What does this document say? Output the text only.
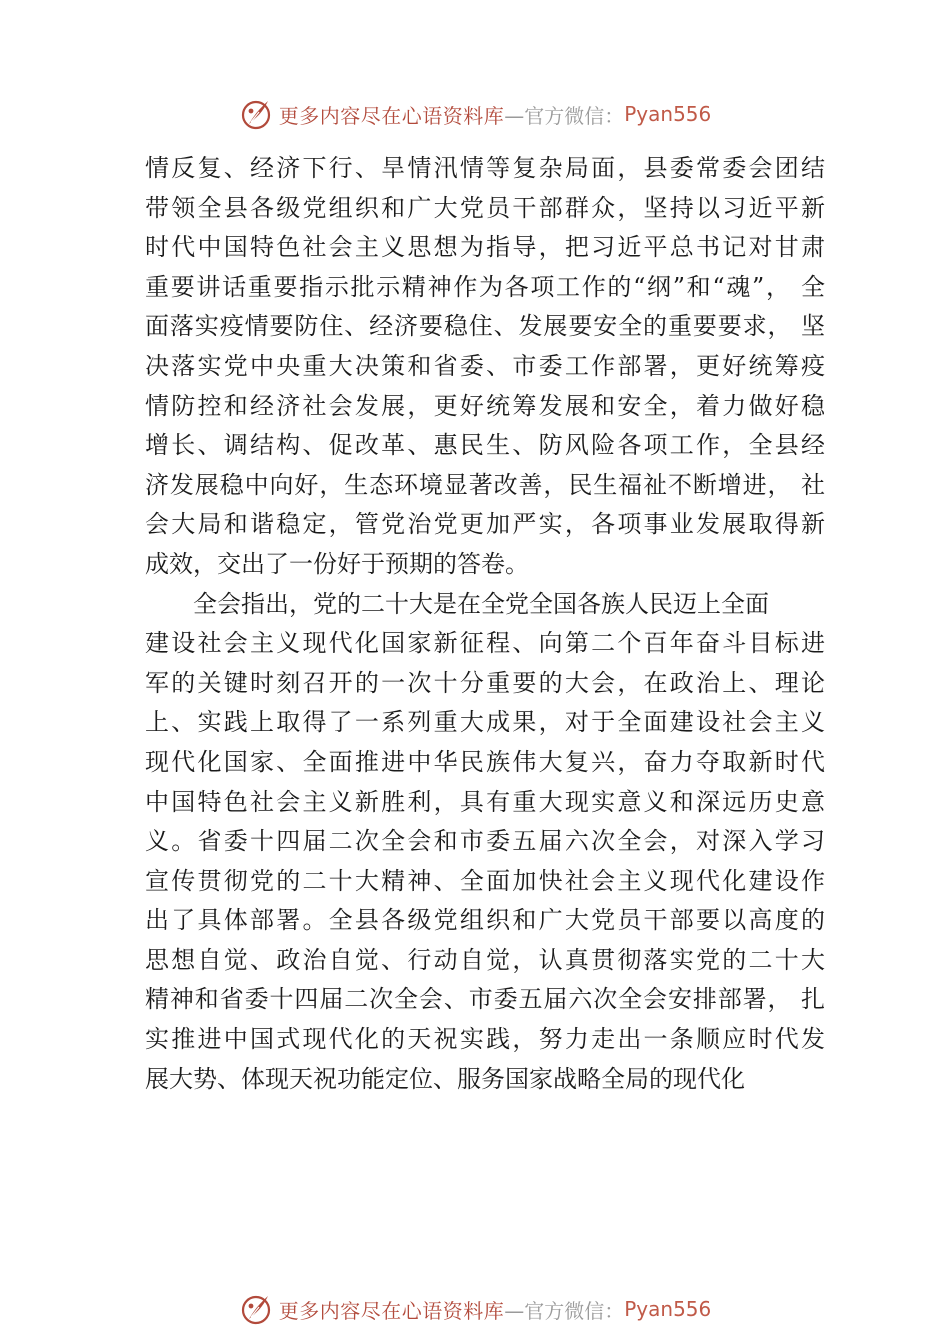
更多内容尽在心语资料库 —官方微信： Pyan556
情反复、经济下行、旱情汛情等复杂局面，县委常委会团结
带领全县各级党组织和广大党员干部群众，坚持以习近平新
时代中国特色社会主义思想为指导，把习近平总书记对甘肃
重要讲话重要指示批示精神作为各项工作的“纲”和“魂”， 全
面落实疫情要防住、经济要稳住、发展要安全的重要要求， 坚
决落实党中央重大决策和省委、市委工作部署，更好统筹疫
情防控和经济社会发展，更好统筹发展和安全，着力做好稳
增长、调结构、促改革、惠民生、防风险各项工作，全县经
济发展稳中向好，生态环境显著改善，民生福祉不断增进， 社
会大局和谐稳定，管党治党更加严实，各项事业发展取得新
成效，交出了一份好于预期的答卷。
全会指出，党的二十大是在全党全国各族人民迈上全面
建设社会主义现代化国家新征程、向第二个百年奋斗目标进
军的关键时刻召开的一次十分重要的大会，在政治上、理论
上、实践上取得了一系列重大成果，对于全面建设社会主义
现代化国家、全面推进中华民族伟大复兴，奋力夺取新时代
中国特色社会主义新胜利，具有重大现实意义和深远历史意
义。省委十四届二次全会和市委五届六次全会，对深入学习
宣传贯彻党的二十大精神、全面加快社会主义现代化建设作
出了具体部署。全县各级党组织和广大党员干部要以高度的
思想自觉、政治自觉、行动自觉，认真贯彻落实党的二十大
精神和省委十四届二次全会、市委五届六次全会安排部署， 扎
实推进中国式现代化的天祝实践，努力走出一条顺应时代发
展大势、体现天祝功能定位、服务国家战略全局的现代化
更多内容尽在心语资料库 —官方微信： Pyan556
